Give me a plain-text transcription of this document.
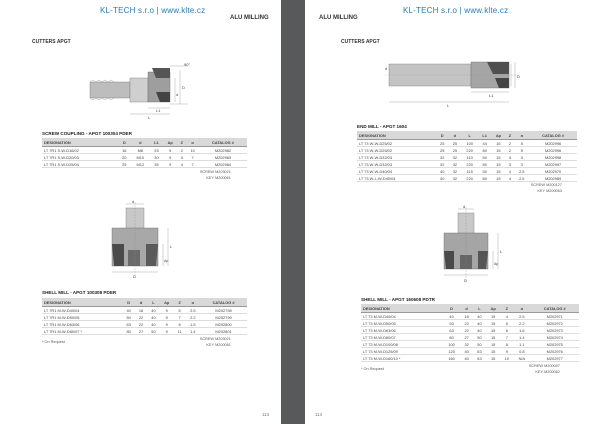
KL-TECH s.r.o | www.klte.cz
ALU MILLING
CUTTERS APGT
90°
D
d
L1
L
SCREW COUPLING - APGT 100304 PDER
DESIGNATION	D	d	L1	Ap	Z	α	CATALOG #
LT 7R1 S-W-D16/02	16	M8	25	9	2	10	M202982
LT 7R1 S-W-D20/03	20	M10	30	9	3	7	M202983
LT 7R1 S-W-D25/04	25	M12	35	9	4	7	M202984
SCREW M203021
KEY M200061
d
D
L
Ap
SHELL MILL - APGT 100308 PDER
DESIGNATION	D	d	L	Ap	Z	α	CATALOG #
LT 7R1 M-W-D40/04	40	16	40	9	5	2.5	M202798
LT 7R1 M-W-D50/05	50	22	40	9	7	2.2	M202799
LT 7R1 M-W-D63/06	63	22	40	9	8	1.5	M202800
LT 7R1 M-W-D80/07 *	80	27	50	9	11	1.4	M202801
* On Request
SCREW M203021
KEY M200061
113
KL-TECH s.r.o | www.klte.cz
ALU MILLING
CUTTERS APGT
d
D
L1
L
END MILL - APGT 1604
DESIGNATION	D	d	L	L1	Ap	Z	α	CATALOG #
LT 73 W-W-D25/02	25	25	100	44	15	2	5	M202996
LT 73 W-W-D25/02	25	25	220	80	15	2	5	M202996
LT 73 W-W-D32/03	32	32	110	50	15	3	3	M202998
LT 73 W-W-D32/03	32	32	220	80	15	3	3	M202997
LT 73 W-W-D40/04	40	32	115	50	15	4	2.5	M202970
LT 73 W-L-W-D40/04	40	32	220	80	15	4	2.5	M202989
SCREW M200127
KEY M200063
d
D
L
Ap
SHELL MILL - APGT 160608 PDTR
DESIGNATION	D	d	L	Ap	Z	α	CATALOG #
LT 73 M-W-D40/04	40	16	40	15	4	2.5	M202971
LT 73 M-W-D50/05	50	22	40	15	5	2.2	M202972
LT 73 M-W-D63/06	63	22	40	15	6	1.6	M202973
LT 73 M-W-D80/07	80	27	50	15	7	1.4	M202974
LT 73 M-W-D100/08	100	32	50	15	8	1.1	M202975
LT 73 M-W-D125/09	125	40	63	15	9	0.8	M202976
LT 73 M-W-D160/10 *	160	40	63	15	10	N/A	M202977
* On Request
SCREW M200097
KEY M200062
114
